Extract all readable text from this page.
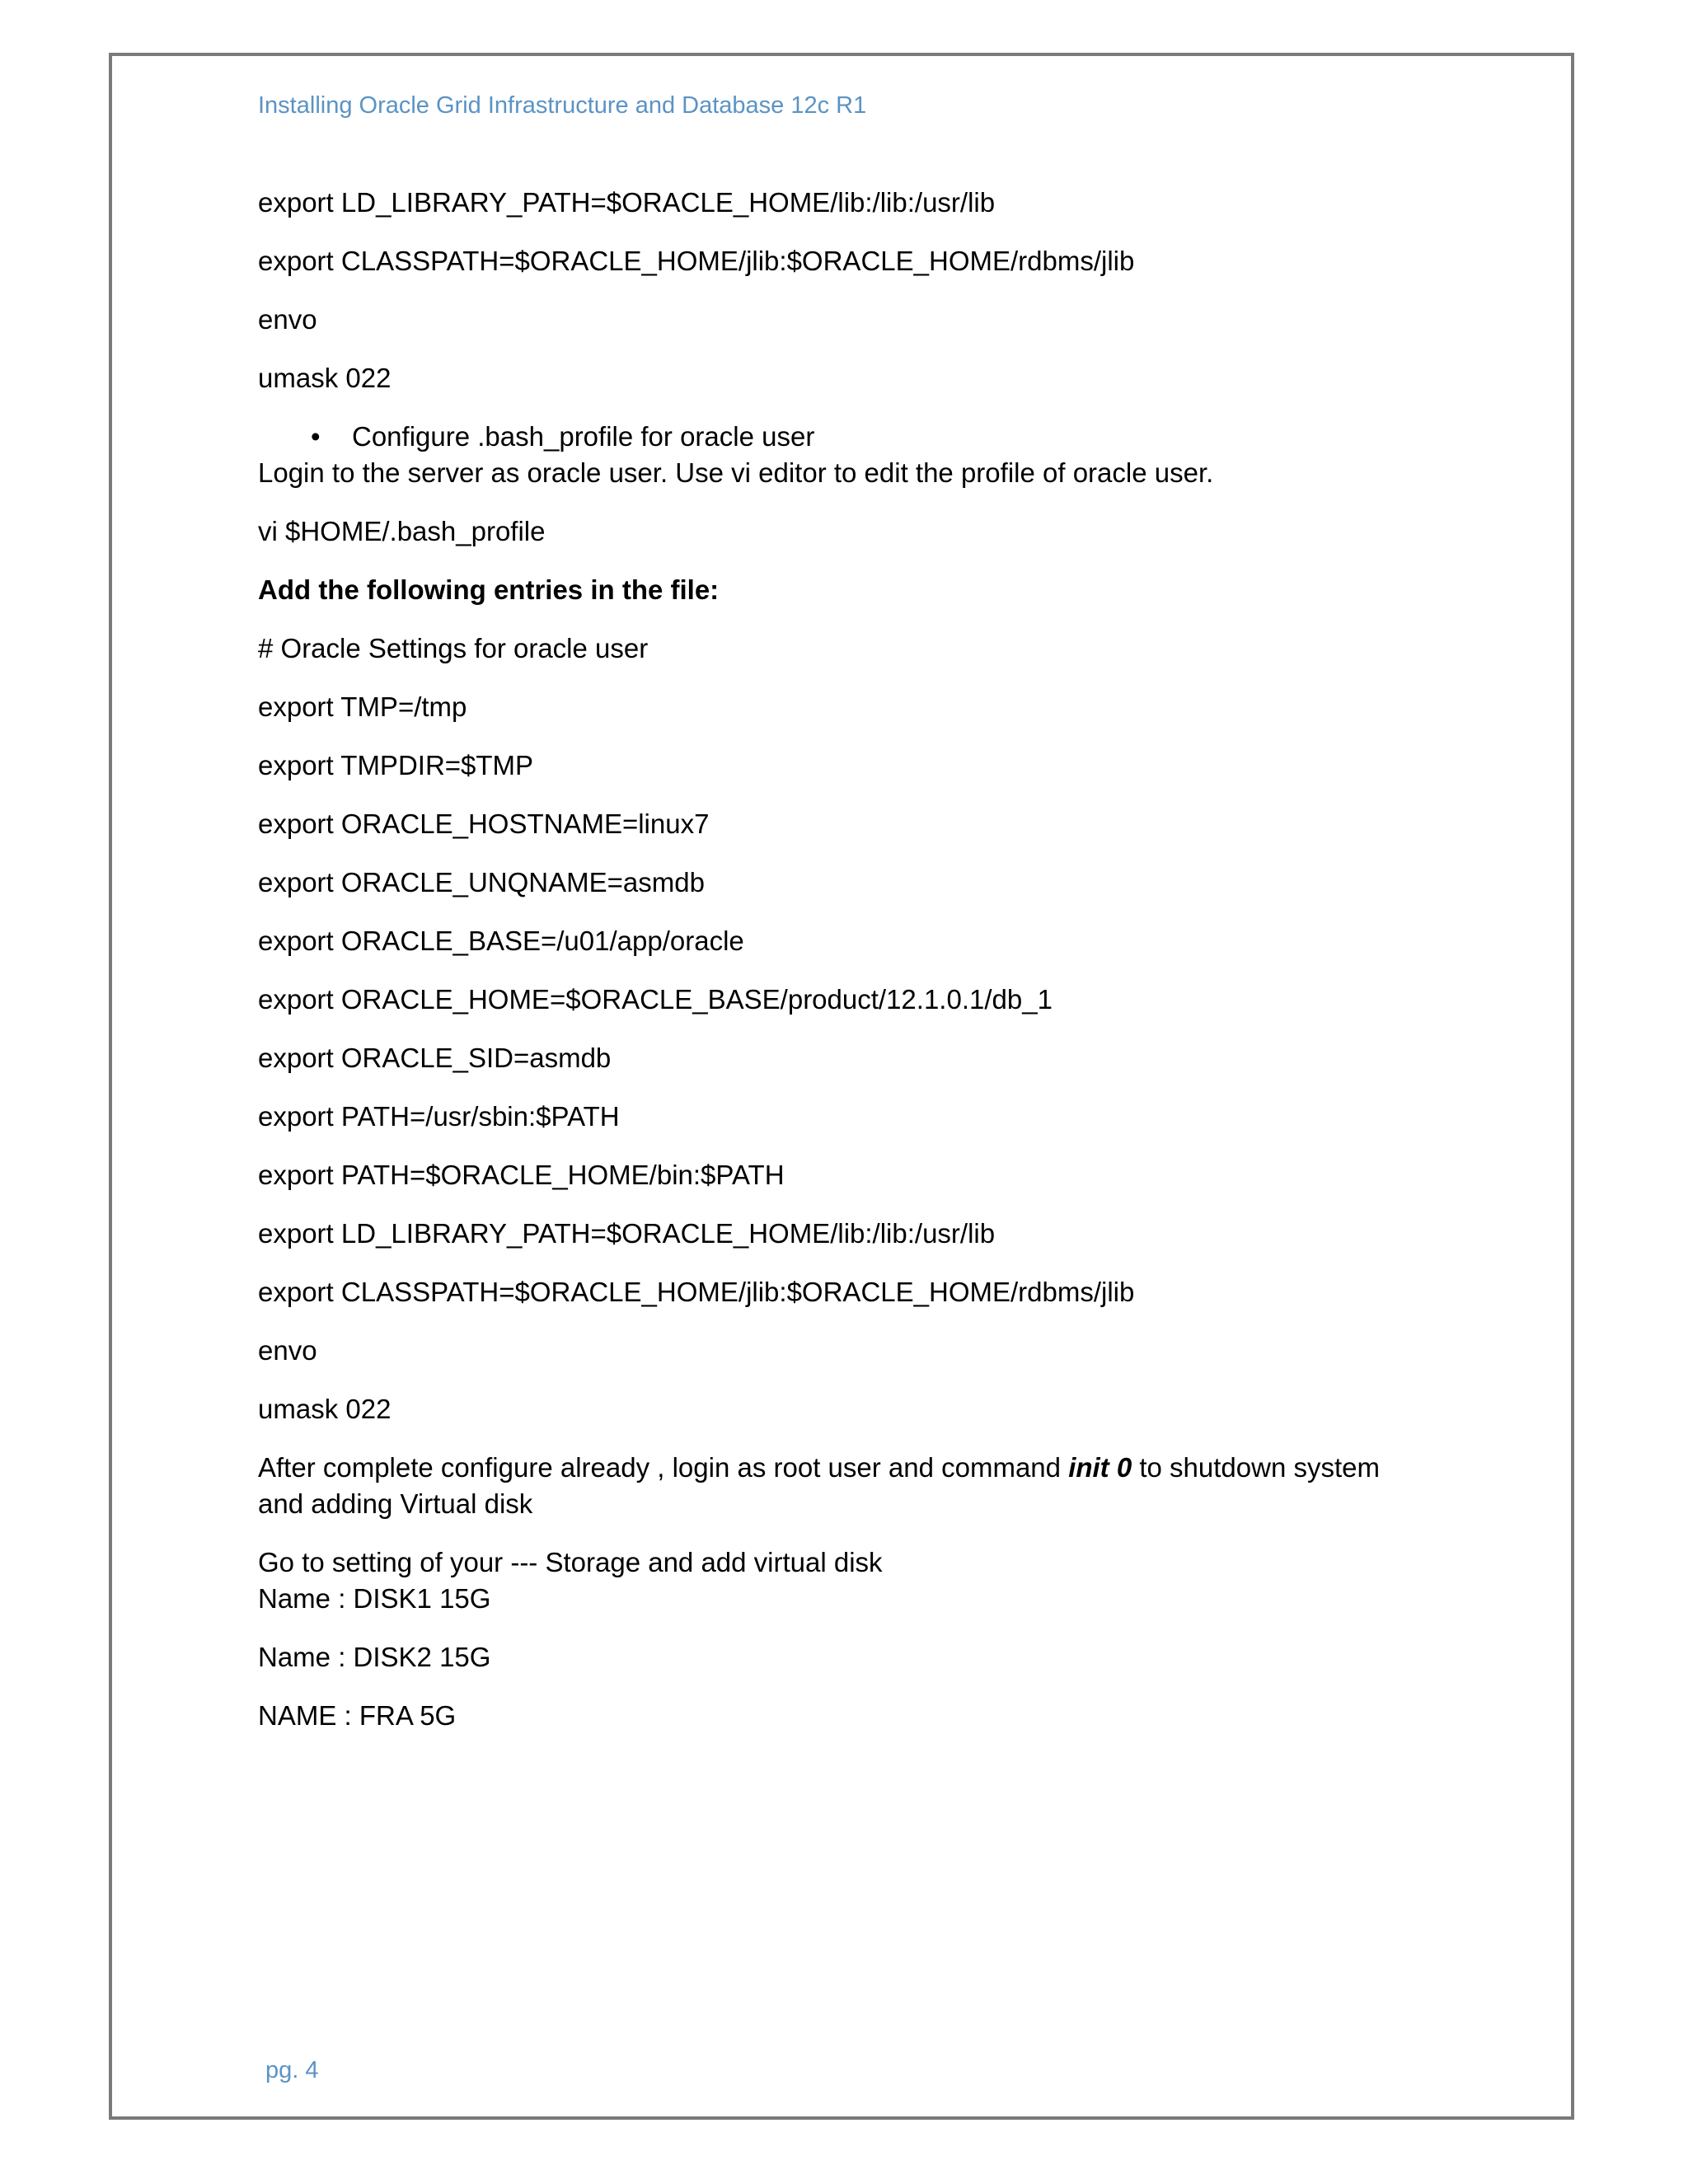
Installing Oracle Grid Infrastructure and Database 12c R1
export LD_LIBRARY_PATH=$ORACLE_HOME/lib:/lib:/usr/lib
export CLASSPATH=$ORACLE_HOME/jlib:$ORACLE_HOME/rdbms/jlib
envo
umask 022
• Configure .bash_profile for oracle user
Login to the server as oracle user. Use vi editor to edit the profile of oracle user.
vi $HOME/.bash_profile
Add the following entries in the file:
# Oracle Settings for oracle user
export TMP=/tmp
export TMPDIR=$TMP
export ORACLE_HOSTNAME=linux7
export ORACLE_UNQNAME=asmdb
export ORACLE_BASE=/u01/app/oracle
export ORACLE_HOME=$ORACLE_BASE/product/12.1.0.1/db_1
export ORACLE_SID=asmdb
export PATH=/usr/sbin:$PATH
export PATH=$ORACLE_HOME/bin:$PATH
export LD_LIBRARY_PATH=$ORACLE_HOME/lib:/lib:/usr/lib
export CLASSPATH=$ORACLE_HOME/jlib:$ORACLE_HOME/rdbms/jlib
envo
umask 022
After complete configure already , login as root user and command init 0 to shutdown system and adding Virtual disk
Go to setting of your --- Storage and add virtual disk
Name : DISK1 15G
Name : DISK2 15G
NAME : FRA 5G
pg. 4
